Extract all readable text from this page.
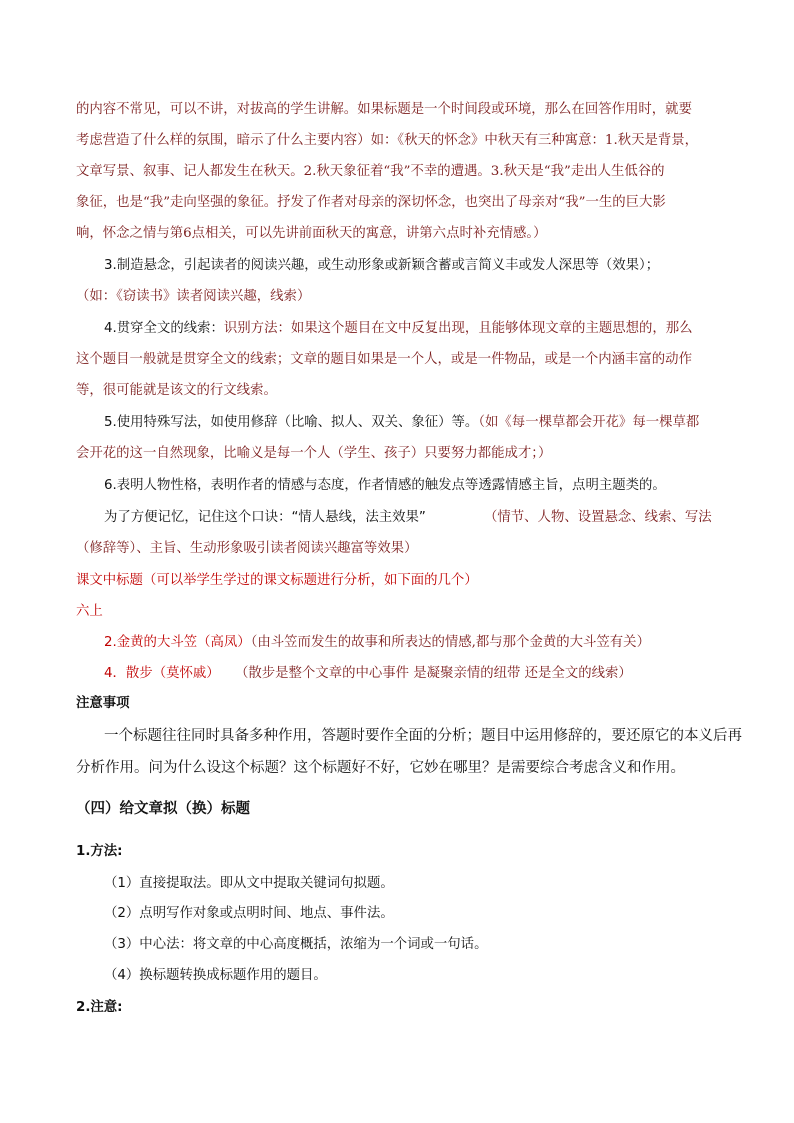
的内容不常见，可以不讲，对拔高的学生讲解。如果标题是一个时间段或环境，那么在回答作用时，就要
考虑营造了什么样的氛围，暗示了什么主要内容）如：《秋天的怀念》中秋天有三种寓意：1.秋天是背景，
文章写景、叙事、记人都发生在秋天。2.秋天象征着“我”不幸的遭遇。3.秋天是“我”走出人生低谷的
象征，也是“我”走向坚强的象征。抒发了作者对母亲的深切怀念，也突出了母亲对“我”一生的巨大影
响，怀念之情与第6点相关，可以先讲前面秋天的寓意，讲第六点时补充情感。）
3.制造悬念，引起读者的阅读兴趣，或生动形象或新颖含蓄或言简义丰或发人深思等（效果）；
（如：《窃读书》读者阅读兴趣，线索）
4.贯穿全文的线索：识别方法：如果这个题目在文中反复出现，且能够体现文章的主题思想的，那么
这个题目一般就是贯穿全文的线索；文章的题目如果是一个人，或是一件物品，或是一个内涵丰富的动作
等，很可能就是该文的行文线索。
5.使用特殊写法，如使用修辞（比喻、拟人、双关、象征）等。（如《每一棵草都会开花》每一棵草都
会开花的这一自然现象，比喻义是每一个人（学生、孩子）只要努力都能成才；）
6.表明人物性格，表明作者的情感与态度，作者情感的触发点等透露情感主旨，点明主题类的。
为了方便记忆，记住这个口诀：“情人悬线，法主效果”	（情节、人物、设置悬念、线索、写法
（修辞等）、主旨、生动形象吸引读者阅读兴趣富等效果）
课文中标题（可以举学生学过的课文标题进行分析，如下面的几个）
六上
2.金黄的大斗笠（高凤）（由斗笠而发生的故事和所表达的情感,都与那个金黄的大斗笠有关）
4．散步（莫怀戚） （散步是整个文章的中心事件 是凝聚亲情的纽带 还是全文的线索）
注意事项
一个标题往往同时具备多种作用，答题时要作全面的分析；题目中运用修辞的，要还原它的本义后再
分析作用。问为什么设这个标题？这个标题好不好，它妙在哪里？是需要综合考虑含义和作用。
（四）给文章拟（换）标题
1.方法:
（1）直接提取法。即从文中提取关键词句拟题。
（2）点明写作对象或点明时间、地点、事件法。
（3）中心法：将文章的中心高度概括，浓缩为一个词或一句话。
（4）换标题转换成标题作用的题目。
2.注意:
